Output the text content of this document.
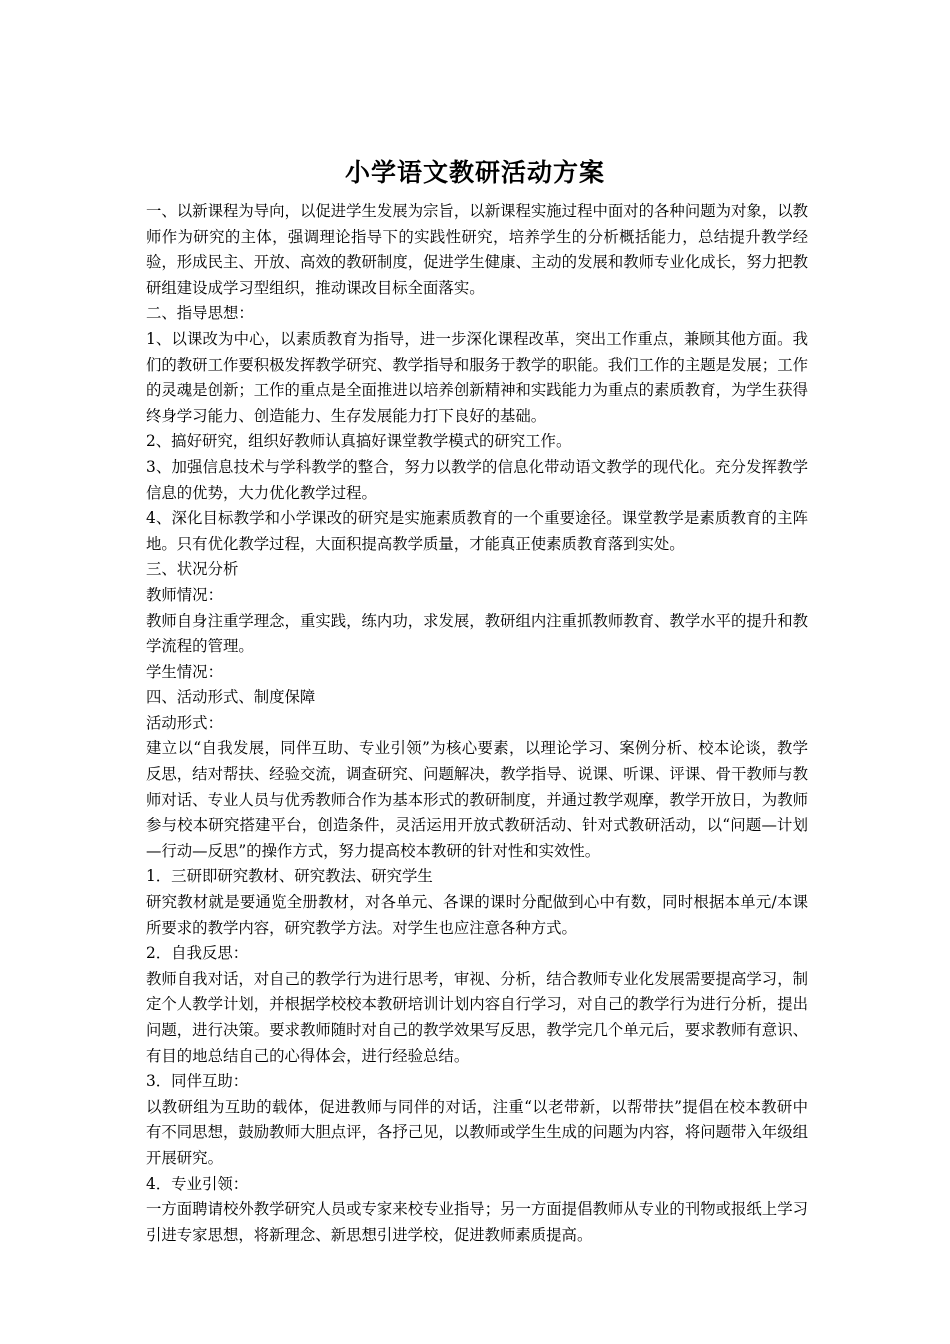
小学语文教研活动方案

一、以新课程为导向，以促进学生发展为宗旨，以新课程实施过程中面对的各种问题为对象，以教师作为研究的主体，强调理论指导下的实践性研究，培养学生的分析概括能力，总结提升教学经验，形成民主、开放、高效的教研制度，促进学生健康、主动的发展和教师专业化成长，努力把教研组建设成学习型组织，推动课改目标全面落实。

二、指导思想：

1、以课改为中心，以素质教育为指导，进一步深化课程改革，突出工作重点，兼顾其他方面。我们的教研工作要积极发挥教学研究、教学指导和服务于教学的职能。我们工作的主题是发展；工作的灵魂是创新；工作的重点是全面推进以培养创新精神和实践能力为重点的素质教育，为学生获得终身学习能力、创造能力、生存发展能力打下良好的基础。

2、搞好研究，组织好教师认真搞好课堂教学模式的研究工作。

3、加强信息技术与学科教学的整合，努力以教学的信息化带动语文教学的现代化。充分发挥教学信息的优势，大力优化教学过程。

4、深化目标教学和小学课改的研究是实施素质教育的一个重要途径。课堂教学是素质教育的主阵地。只有优化教学过程，大面积提高教学质量，才能真正使素质教育落到实处。

三、状况分析

教师情况：

教师自身注重学理念，重实践，练内功，求发展，教研组内注重抓教师教育、教学水平的提升和教学流程的管理。

学生情况：

四、活动形式、制度保障

活动形式：

建立以“自我发展，同伴互助、专业引领”为核心要素，以理论学习、案例分析、校本论谈，教学反思，结对帮扶、经验交流，调查研究、问题解决，教学指导、说课、听课、评课、骨干教师与教师对话、专业人员与优秀教师合作为基本形式的教研制度，并通过教学观摩，教学开放日，为教师参与校本研究搭建平台，创造条件，灵活运用开放式教研活动、针对式教研活动，以“问题—计划—行动—反思”的操作方式，努力提高校本教研的针对性和实效性。

1．三研即研究教材、研究教法、研究学生

研究教材就是要通览全册教材，对各单元、各课的课时分配做到心中有数，同时根据本单元/本课所要求的教学内容，研究教学方法。对学生也应注意各种方式。

2．自我反思：

教师自我对话，对自己的教学行为进行思考，审视、分析，结合教师专业化发展需要提高学习，制定个人教学计划，并根据学校校本教研培训计划内容自行学习，对自己的教学行为进行分析，提出问题，进行决策。要求教师随时对自己的教学效果写反思，教学完几个单元后，要求教师有意识、有目的地总结自己的心得体会，进行经验总结。

3．同伴互助：

以教研组为互助的载体，促进教师与同伴的对话，注重“以老带新，以帮带扶”提倡在校本教研中有不同思想，鼓励教师大胆点评，各抒己见，以教师或学生生成的问题为内容，将问题带入年级组开展研究。

4．专业引领：

一方面聘请校外教学研究人员或专家来校专业指导；另一方面提倡教师从专业的刊物或报纸上学习引进专家思想，将新理念、新思想引进学校，促进教师素质提高。
